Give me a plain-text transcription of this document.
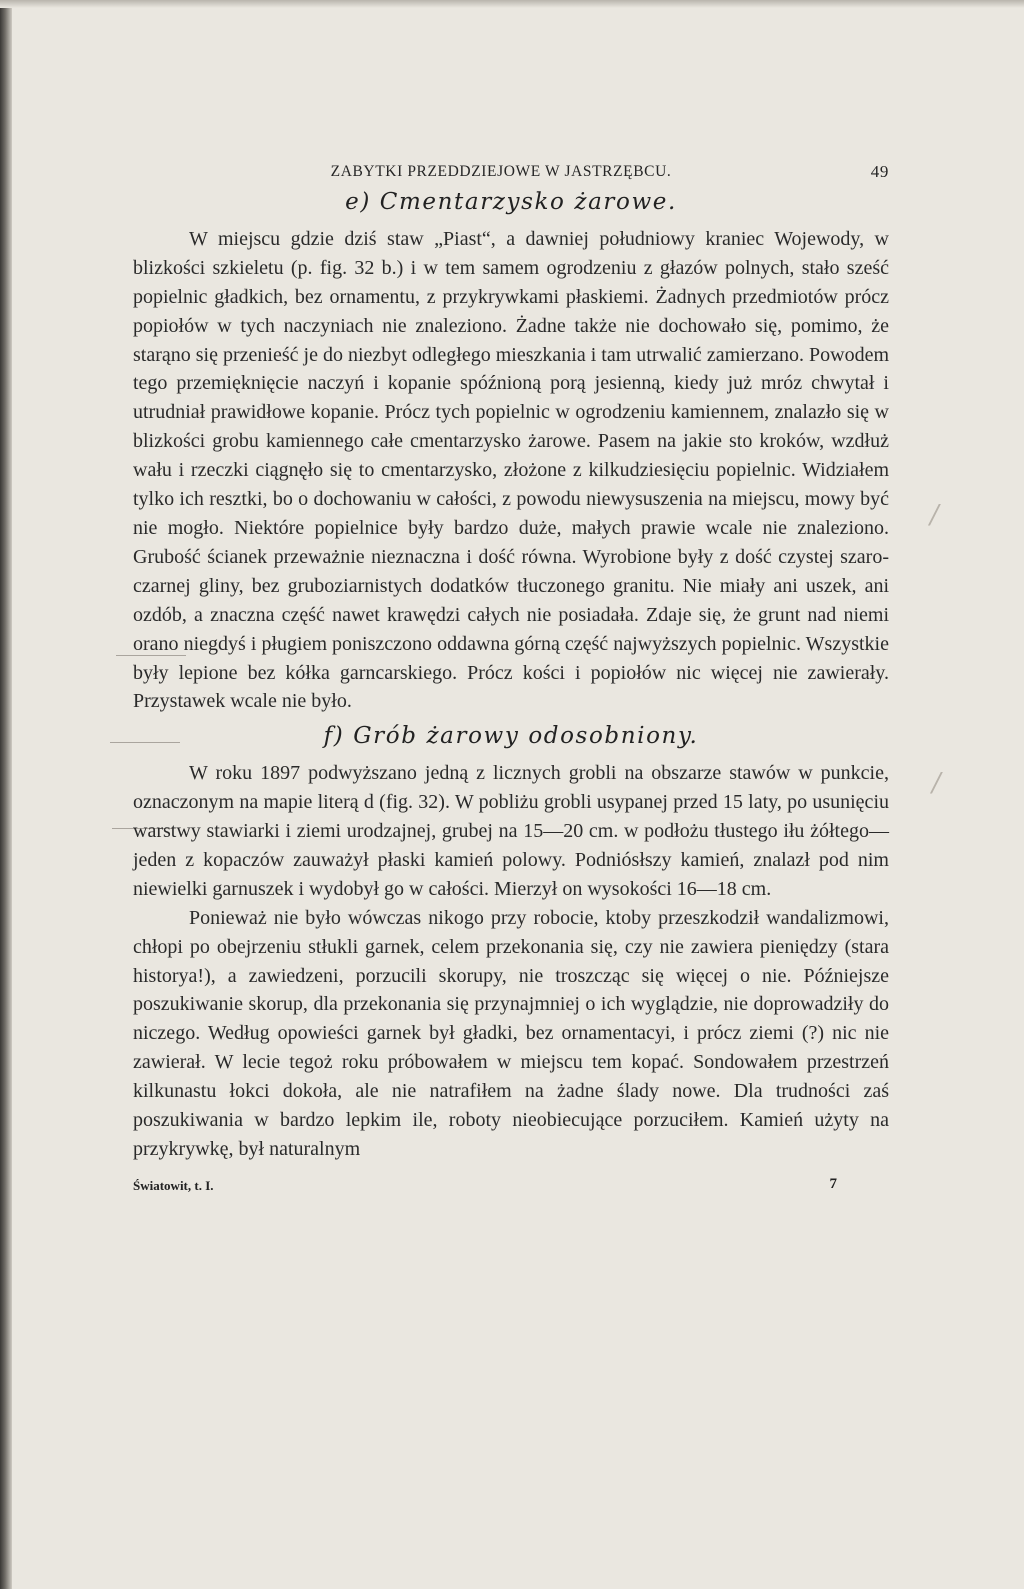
/
/
ZABYTKI PRZEDDZIEJOWE W JASTRZĘBCU.	49
e) Cmentarzysko żarowe.

W miejscu gdzie dziś staw „Piast“, a dawniej południowy kraniec Wojewody, w blizkości szkieletu (p. fig. 32 b.) i w tem samem ogrodzeniu z głazów polnych, stało sześć popielnic gładkich, bez ornamentu, z przykrywkami płaskiemi. Żadnych przedmiotów prócz popiołów w tych naczyniach nie znaleziono. Żadne także nie dochowało się, pomimo, że starąno się przenieść je do niezbyt odległego mieszkania i tam utrwalić zamierzano. Powodem tego przemięknięcie naczyń i kopanie spóźnioną porą jesienną, kiedy już mróz chwytał i utrudniał prawidłowe kopanie. Prócz tych popielnic w ogrodzeniu kamiennem, znalazło się w blizkości grobu kamiennego całe cmentarzysko żarowe. Pasem na jakie sto kroków, wzdłuż wału i rzeczki ciągnęło się to cmentarzysko, złożone z kilkudziesięciu popielnic. Widziałem tylko ich resztki, bo o dochowaniu w całości, z powodu niewysuszenia na miejscu, mowy być nie mogło. Niektóre popielnice były bardzo duże, małych prawie wcale nie znaleziono. Grubość ścianek przeważnie nieznaczna i dość równa. Wyrobione były z dość czystej szaro-czarnej gliny, bez gruboziarnistych dodatków tłuczonego granitu. Nie miały ani uszek, ani ozdób, a znaczna część nawet krawędzi całych nie posiadała. Zdaje się, że grunt nad niemi orano niegdyś i pługiem poniszczono oddawna górną część najwyższych popielnic. Wszystkie były lepione bez kółka garncarskiego. Prócz kości i popiołów nic więcej nie zawierały. Przystawek wcale nie było.

f) Grób żarowy odosobniony.

W roku 1897 podwyższano jedną z licznych grobli na obszarze stawów w punkcie, oznaczonym na mapie literą d (fig. 32). W pobliżu grobli usypanej przed 15 laty, po usunięciu warstwy stawiarki i ziemi urodzajnej, grubej na 15—20 cm. w podłożu tłustego iłu żółtego—jeden z kopaczów zauważył płaski kamień polowy. Podniósłszy kamień, znalazł pod nim niewielki garnuszek i wydobył go w całości. Mierzył on wysokości 16—18 cm.

Ponieważ nie było wówczas nikogo przy robocie, ktoby przeszkodził wandalizmowi, chłopi po obejrzeniu stłukli garnek, celem przekonania się, czy nie zawiera pieniędzy (stara historya!), a zawiedzeni, porzucili skorupy, nie troszcząc się więcej o nie. Późniejsze poszukiwanie skorup, dla przekonania się przynajmniej o ich wyglądzie, nie doprowadziły do niczego. Według opowieści garnek był gładki, bez ornamentacyi, i prócz ziemi (?) nic nie zawierał. W lecie tegoż roku próbowałem w miejscu tem kopać. Sondowałem przestrzeń kilkunastu łokci dokoła, ale nie natrafiłem na żadne ślady nowe. Dla trudności zaś poszukiwania w bardzo lepkim ile, roboty nieobiecujące porzuciłem. Kamień użyty na przykrywkę, był naturalnym

Światowit, t. I.	7
